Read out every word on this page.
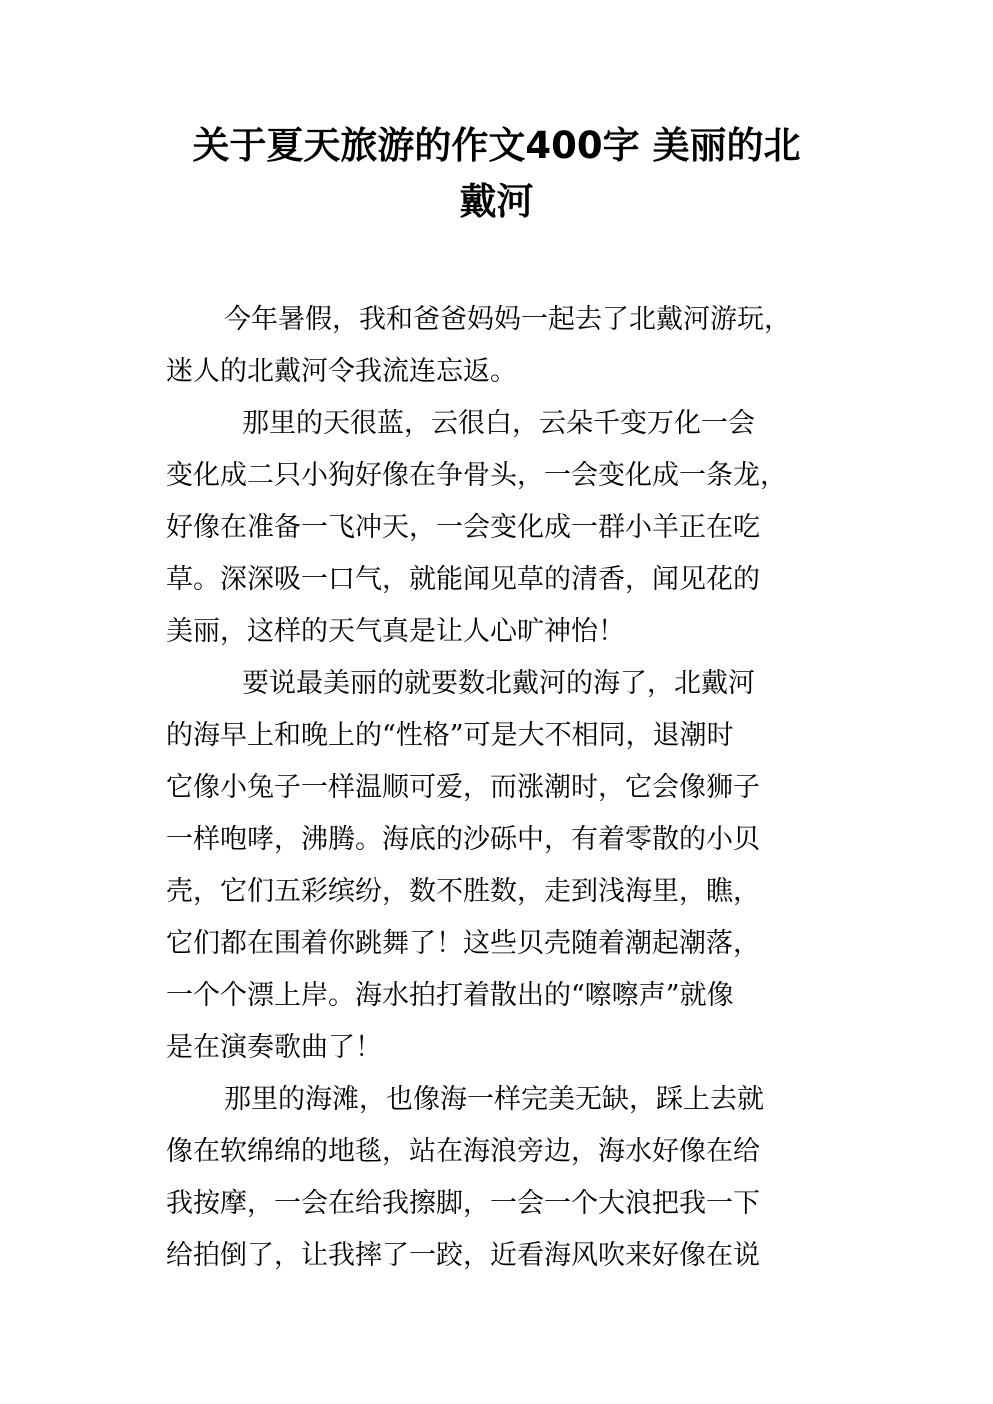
关于夏天旅游的作文400字 美丽的北
戴河
今年暑假，我和爸爸妈妈一起去了北戴河游玩，
迷人的北戴河令我流连忘返。
那里的天很蓝，云很白，云朵千变万化一会
变化成二只小狗好像在争骨头，一会变化成一条龙，
好像在准备一飞冲天，一会变化成一群小羊正在吃
草。深深吸一口气，就能闻见草的清香，闻见花的
美丽，这样的天气真是让人心旷神怡！
要说最美丽的就要数北戴河的海了，北戴河
的海早上和晚上的“性格”可是大不相同，退潮时
它像小兔子一样温顺可爱，而涨潮时，它会像狮子
一样咆哮，沸腾。海底的沙砾中，有着零散的小贝
壳，它们五彩缤纷，数不胜数，走到浅海里，瞧，
它们都在围着你跳舞了！这些贝壳随着潮起潮落，
一个个漂上岸。海水拍打着散出的“嚓嚓声”就像
是在演奏歌曲了！
那里的海滩，也像海一样完美无缺，踩上去就
像在软绵绵的地毯，站在海浪旁边，海水好像在给
我按摩，一会在给我擦脚，一会一个大浪把我一下
给拍倒了，让我摔了一跤，近看海风吹来好像在说
